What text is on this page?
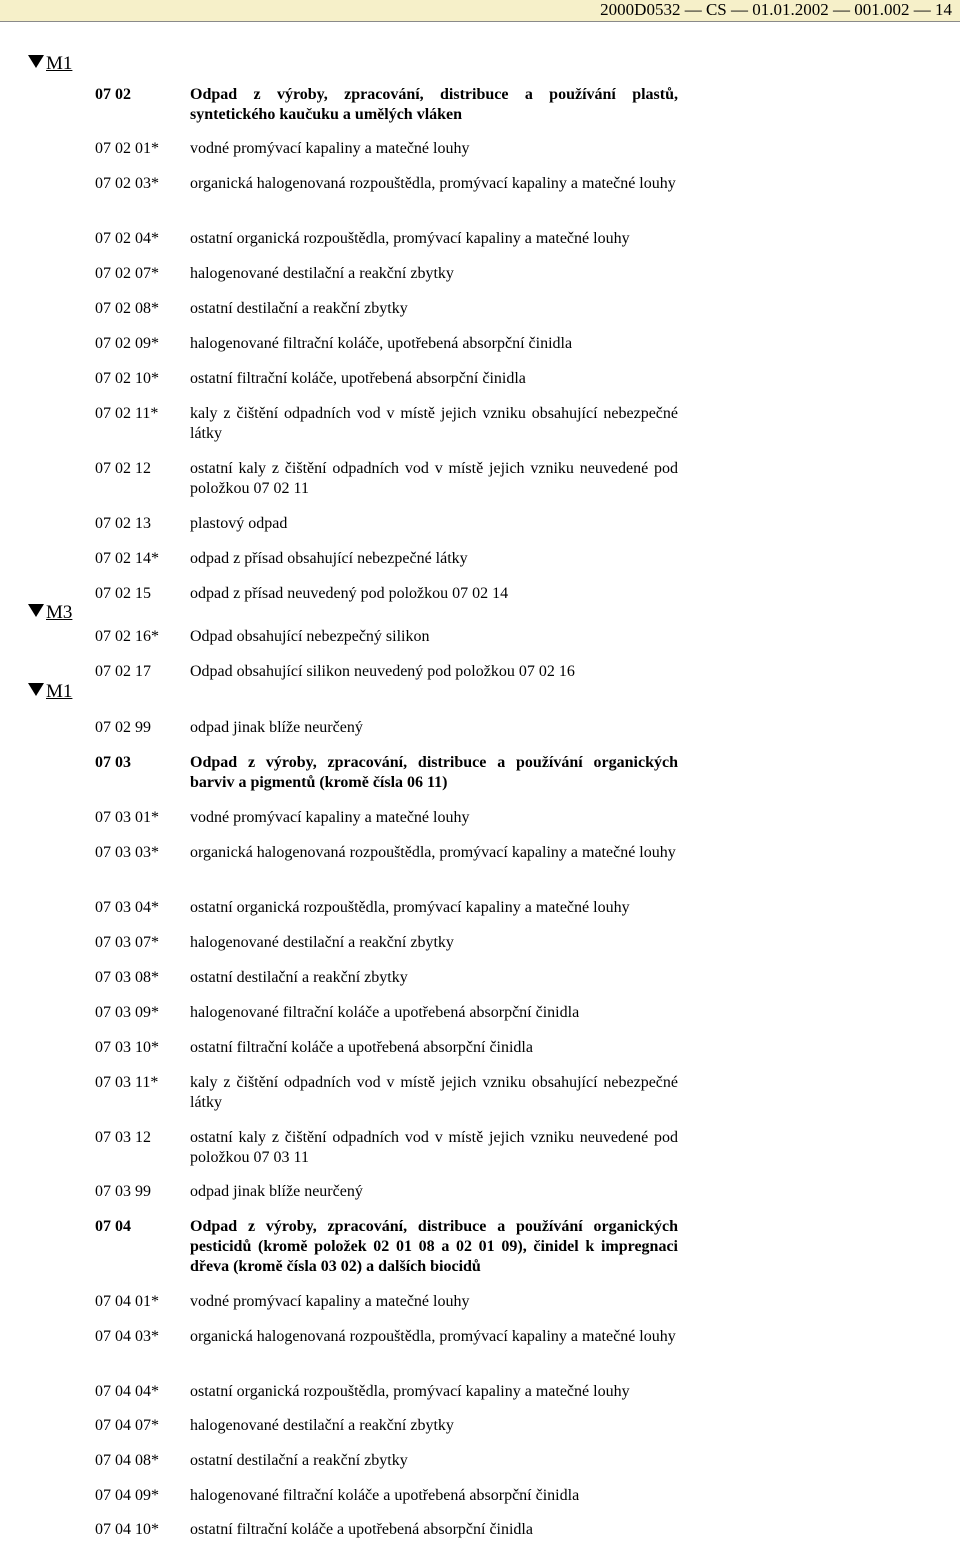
2000D0532 — CS — 01.01.2002 — 001.002 — 14
M1
M3
M1
07 02	Odpad z výroby, zpracování, distribuce a používání plastů, syntetického kaučuku a umělých vláken
07 02 01* vodné promývací kapaliny a matečné louhy
07 02 03* organická halogenovaná rozpouštědla, promývací kapaliny a matečné louhy
07 02 04* ostatní organická rozpouštědla, promývací kapaliny a matečné louhy
07 02 07* halogenované destilační a reakční zbytky
07 02 08* ostatní destilační a reakční zbytky
07 02 09* halogenované filtrační koláče, upotřebená absorpční činidla
07 02 10* ostatní filtrační koláče, upotřebená absorpční činidla
07 02 11* kaly z čištění odpadních vod v místě jejich vzniku obsahující nebezpečné látky
07 02 12 ostatní kaly z čištění odpadních vod v místě jejich vzniku neuvedené pod položkou 07 02 11
07 02 13 plastový odpad
07 02 14* odpad z přísad obsahující nebezpečné látky
07 02 15 odpad z přísad neuvedený pod položkou 07 02 14
07 02 16* Odpad obsahující nebezpečný silikon
07 02 17 Odpad obsahující silikon neuvedený pod položkou 07 02 16
07 02 99 odpad jinak blíže neurčený
07 03	Odpad z výroby, zpracování, distribuce a používání organických barviv a pigmentů (kromě čísla 06 11)
07 03 01* vodné promývací kapaliny a matečné louhy
07 03 03* organická halogenovaná rozpouštědla, promývací kapaliny a matečné louhy
07 03 04* ostatní organická rozpouštědla, promývací kapaliny a matečné louhy
07 03 07* halogenované destilační a reakční zbytky
07 03 08* ostatní destilační a reakční zbytky
07 03 09* halogenované filtrační koláče a upotřebená absorpční činidla
07 03 10* ostatní filtrační koláče a upotřebená absorpční činidla
07 03 11* kaly z čištění odpadních vod v místě jejich vzniku obsahující nebezpečné látky
07 03 12 ostatní kaly z čištění odpadních vod v místě jejich vzniku neuvedené pod položkou 07 03 11
07 03 99 odpad jinak blíže neurčený
07 04	Odpad z výroby, zpracování, distribuce a používání organických pesticidů (kromě položek 02 01 08 a 02 01 09), činidel k impregnaci dřeva (kromě čísla 03 02) a dalších biocidů
07 04 01* vodné promývací kapaliny a matečné louhy
07 04 03* organická halogenovaná rozpouštědla, promývací kapaliny a matečné louhy
07 04 04* ostatní organická rozpouštědla, promývací kapaliny a matečné louhy
07 04 07* halogenované destilační a reakční zbytky
07 04 08* ostatní destilační a reakční zbytky
07 04 09* halogenované filtrační koláče a upotřebená absorpční činidla
07 04 10* ostatní filtrační koláče a upotřebená absorpční činidla
